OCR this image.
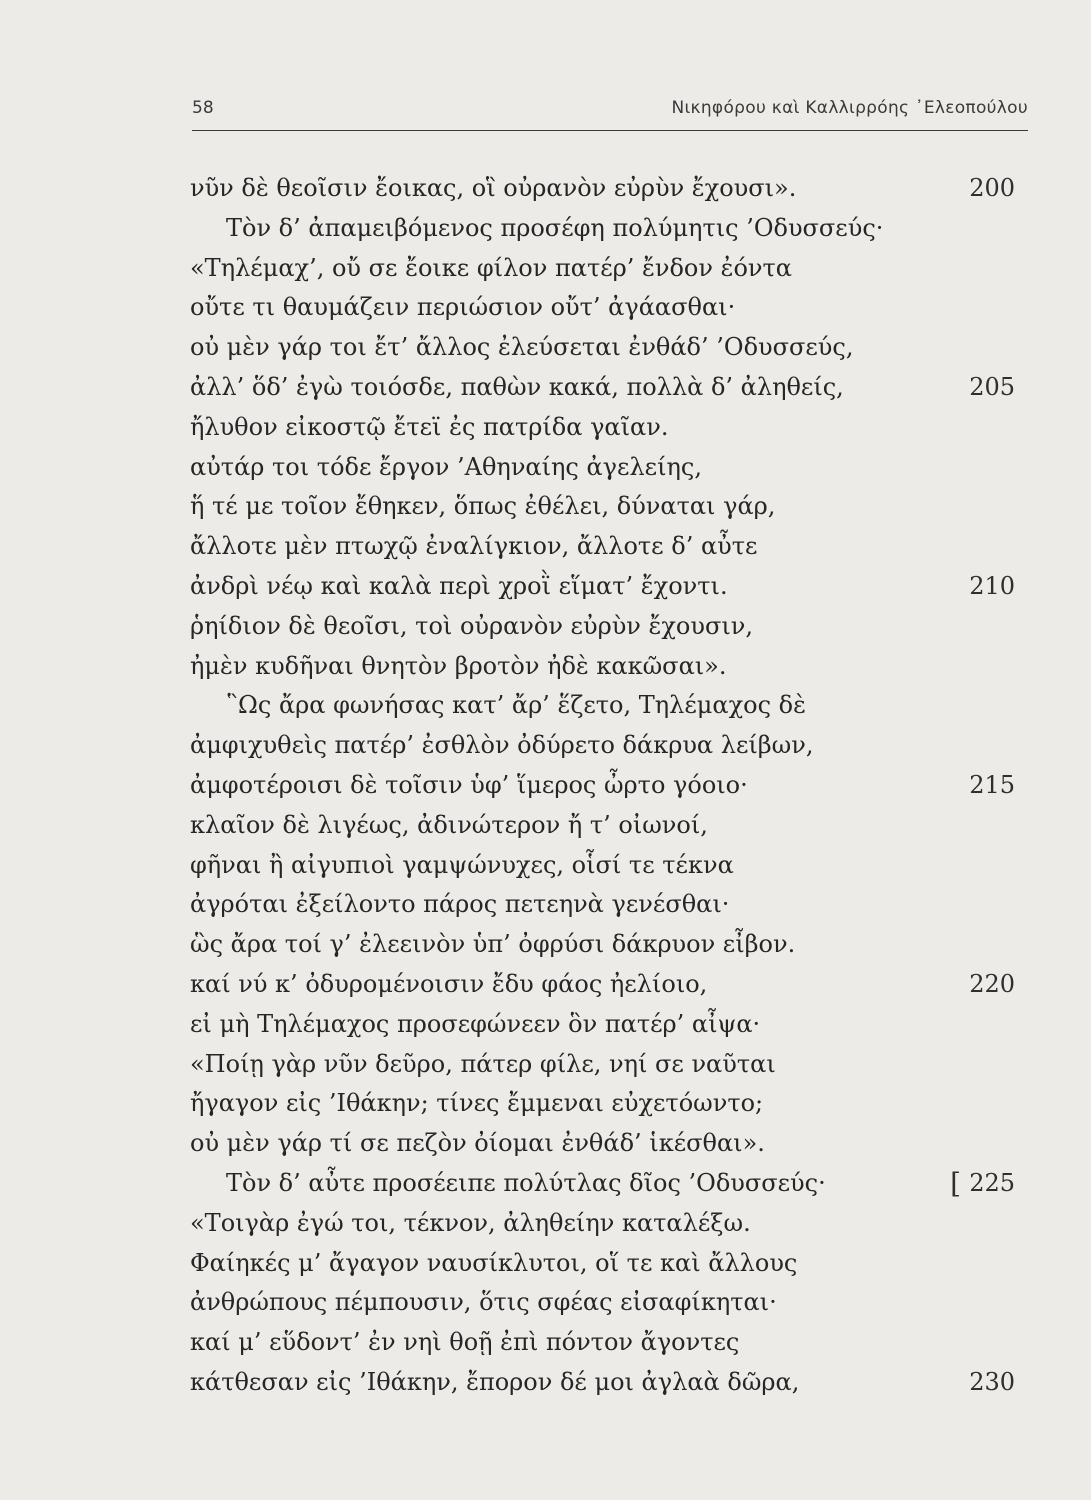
58	Νικηφόρου καὶ Καλλιρρόης ᾿Ελεοπούλου
νῦν δὲ θεοῖσιν ἔοικας, οἳ οὐρανὸν εὐρὺν ἔχουσι».	200
Τὸν δ’ ἀπαμειβόμενος προσέφη πολύμητις ’Οδυσσεύς·
«Τηλέμαχ’, οὔ σε ἔοικε φίλον πατέρ’ ἔνδον ἐόντα
οὔτε τι θαυμάζειν περιώσιον οὔτ’ ἀγάασθαι·
οὐ μὲν γάρ τοι ἔτ’ ἄλλος ἐλεύσεται ἐνθάδ’ ’Οδυσσεύς,
ἀλλ’ ὅδ’ ἐγὼ τοιόσδε, παθὼν κακά, πολλὰ δ’ ἀληθείς,	205
ἤλυθον εἰκοστῷ ἔτεϊ ἐς πατρίδα γαῖαν.
αὐτάρ τοι τόδε ἔργον ’Αθηναίης ἀγελείης,
ἥ τέ με τοῖον ἔθηκεν, ὅπως ἐθέλει, δύναται γάρ,
ἄλλοτε μὲν πτωχῷ ἐναλίγκιον, ἄλλοτε δ’ αὖτε
ἀνδρὶ νέῳ καὶ καλὰ περὶ χροῒ εἵματ’ ἔχοντι.	210
ῥηίδιον δὲ θεοῖσι, τοὶ οὐρανὸν εὐρὺν ἔχουσιν,
ἠμὲν κυδῆναι θνητὸν βροτὸν ἠδὲ κακῶσαι».
῝Ως ἄρα φωνήσας κατ’ ἄρ’ ἕζετο, Τηλέμαχος δὲ
ἀμφιχυθεὶς πατέρ’ ἐσθλὸν ὀδύρετο δάκρυα λείβων,
ἀμφοτέροισι δὲ τοῖσιν ὑφ’ ἵμερος ὦρτο γόοιο·	215
κλαῖον δὲ λιγέως, ἀδινώτερον ἤ τ’ οἰωνοί,
φῆναι ἢ αἰγυπιοὶ γαμψώνυχες, οἷσί τε τέκνα
ἀγρόται ἐξείλοντο πάρος πετεηνὰ γενέσθαι·
ὣς ἄρα τοί γ’ ἐλεεινὸν ὑπ’ ὀφρύσι δάκρυον εἶβον.
καί νύ κ’ ὀδυρομένοισιν ἔδυ φάος ἠελίοιο,	220
εἰ μὴ Τηλέμαχος προσεφώνεεν ὃν πατέρ’ αἶψα·
«Ποίῃ γὰρ νῦν δεῦρο, πάτερ φίλε, νηί σε ναῦται
ἤγαγον εἰς ’Ιθάκην; τίνες ἔμμεναι εὐχετόωντο;
οὐ μὲν γάρ τί σε πεζὸν ὀίομαι ἐνθάδ’ ἱκέσθαι».
Τὸν δ’ αὖτε προσέειπε πολύτλας δῖος ’Οδυσσεύς·	[ 225
«Τοιγὰρ ἐγώ τοι, τέκνον, ἀληθείην καταλέξω.
Φαίηκές μ’ ἄγαγον ναυσίκλυτοι, οἵ τε καὶ ἄλλους
ἀνθρώπους πέμπουσιν, ὅτις σφέας εἰσαφίκηται·
καί μ’ εὕδοντ’ ἐν νηὶ θοῇ ἐπὶ πόντον ἄγοντες
κάτθεσαν εἰς ’Ιθάκην, ἔπορον δέ μοι ἀγλαὰ δῶρα,	230
